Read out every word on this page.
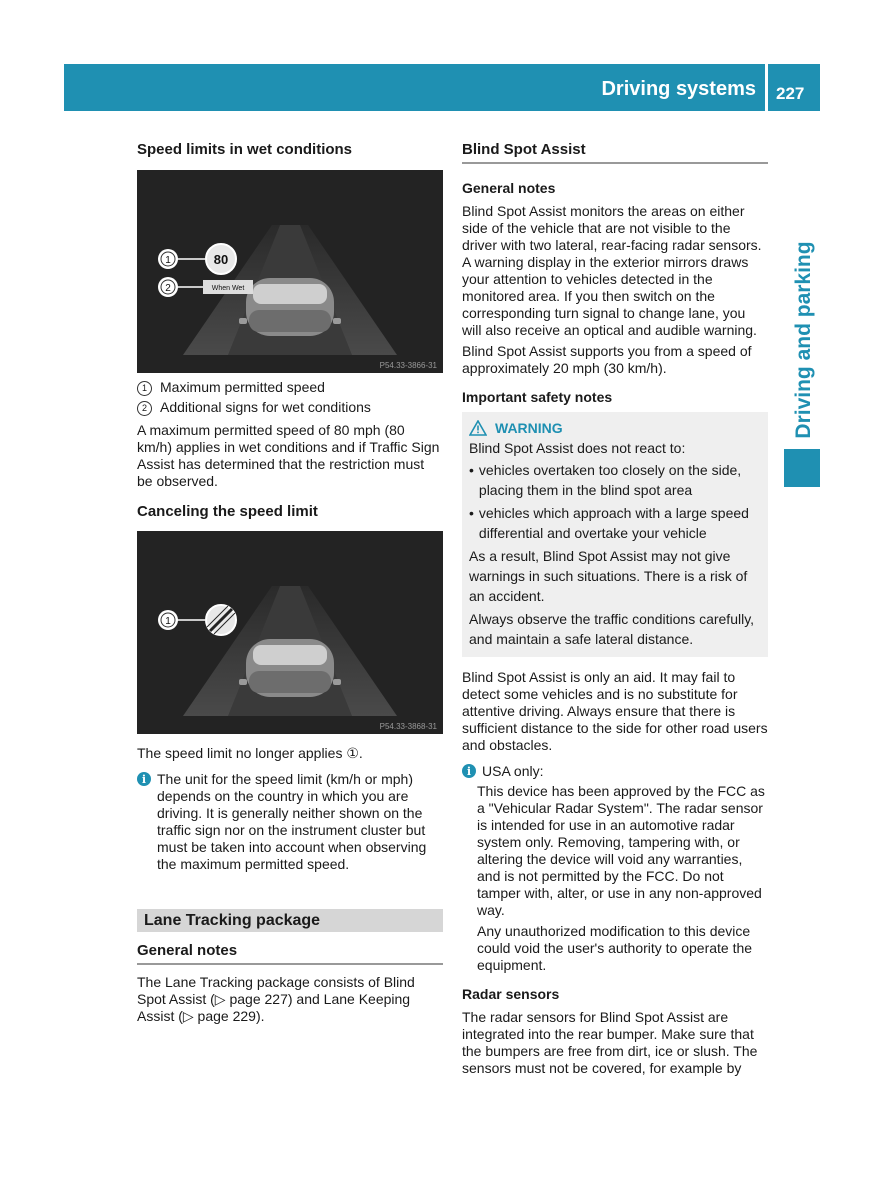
Driving systems 227
Driving and parking
Speed limits in wet conditions
80
When Wet
1
2
P54.33-3866-31
1 Maximum permitted speed
2 Additional signs for wet conditions

A maximum permitted speed of 80 mph (80 km/h) applies in wet conditions and if Traffic Sign Assist has determined that the restriction must be observed.

Canceling the speed limit
1
P54.33-3868-31

The speed limit no longer applies ①.

i The unit for the speed limit (km/h or mph) depends on the country in which you are driving. It is generally neither shown on the traffic sign nor on the instrument cluster but must be taken into account when observing the maximum permitted speed.

Lane Tracking package
General notes

The Lane Tracking package consists of Blind Spot Assist (▷ page 227) and Lane Keeping Assist (▷ page 229).

Blind Spot Assist
General notes

Blind Spot Assist monitors the areas on either side of the vehicle that are not visible to the driver with two lateral, rear-facing radar sensors. A warning display in the exterior mirrors draws your attention to vehicles detected in the monitored area. If you then switch on the corresponding turn signal to change lane, you will also receive an optical and audible warning.

Blind Spot Assist supports you from a speed of approximately 20 mph (30 km/h).

Important safety notes
WARNING

Blind Spot Assist does not react to:

• vehicles overtaken too closely on the side, placing them in the blind spot area
• vehicles which approach with a large speed differential and overtake your vehicle

As a result, Blind Spot Assist may not give warnings in such situations. There is a risk of an accident.

Always observe the traffic conditions carefully, and maintain a safe lateral distance.

Blind Spot Assist is only an aid. It may fail to detect some vehicles and is no substitute for attentive driving. Always ensure that there is sufficient distance to the side for other road users and obstacles.

i USA only:

This device has been approved by the FCC as a "Vehicular Radar System". The radar sensor is intended for use in an automotive radar system only. Removing, tampering with, or altering the device will void any warranties, and is not permitted by the FCC. Do not tamper with, alter, or use in any non-approved way.

Any unauthorized modification to this device could void the user's authority to operate the equipment.

Radar sensors

The radar sensors for Blind Spot Assist are integrated into the rear bumper. Make sure that the bumpers are free from dirt, ice or slush. The sensors must not be covered, for example by
